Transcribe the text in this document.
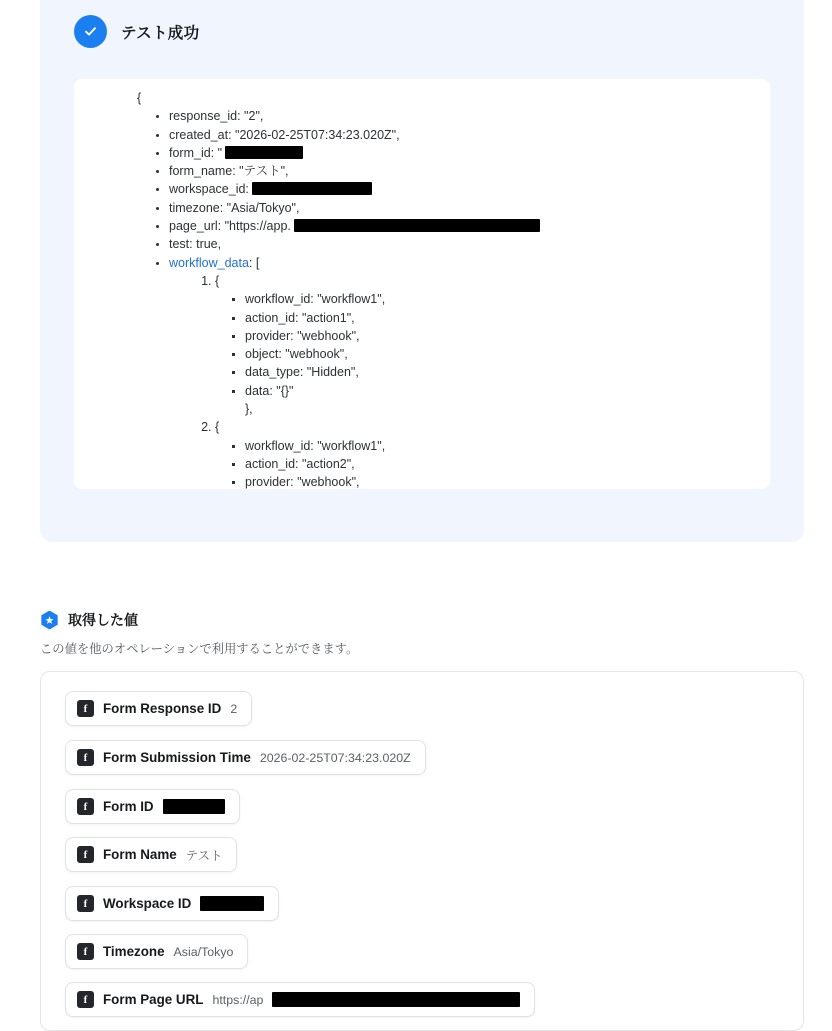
テスト成功
{
• response_id: "2",
• created_at: "2026-02-25T07:34:23.020Z",
• form_id: "
• form_name: "テスト",
• workspace_id:
• timezone: "Asia/Tokyo",
• page_url: "https://app.
• test: true,
• workflow_data: [
1. {
▪ workflow_id: "workflow1",
▪ action_id: "action1",
▪ provider: "webhook",
▪ object: "webhook",
▪ data_type: "Hidden",
▪ data: "{}"
},
2. {
▪ workflow_id: "workflow1",
▪ action_id: "action2",
▪ provider: "webhook",
取得した値
この値を他のオペレーションで利用することができます。
f	Form Response ID 2
f	Form Submission Time 2026-02-25T07:34:23.020Z
f	Form ID
f	Form Name テスト
f	Workspace ID
f	Timezone Asia/Tokyo
f	Form Page URL https://ap
